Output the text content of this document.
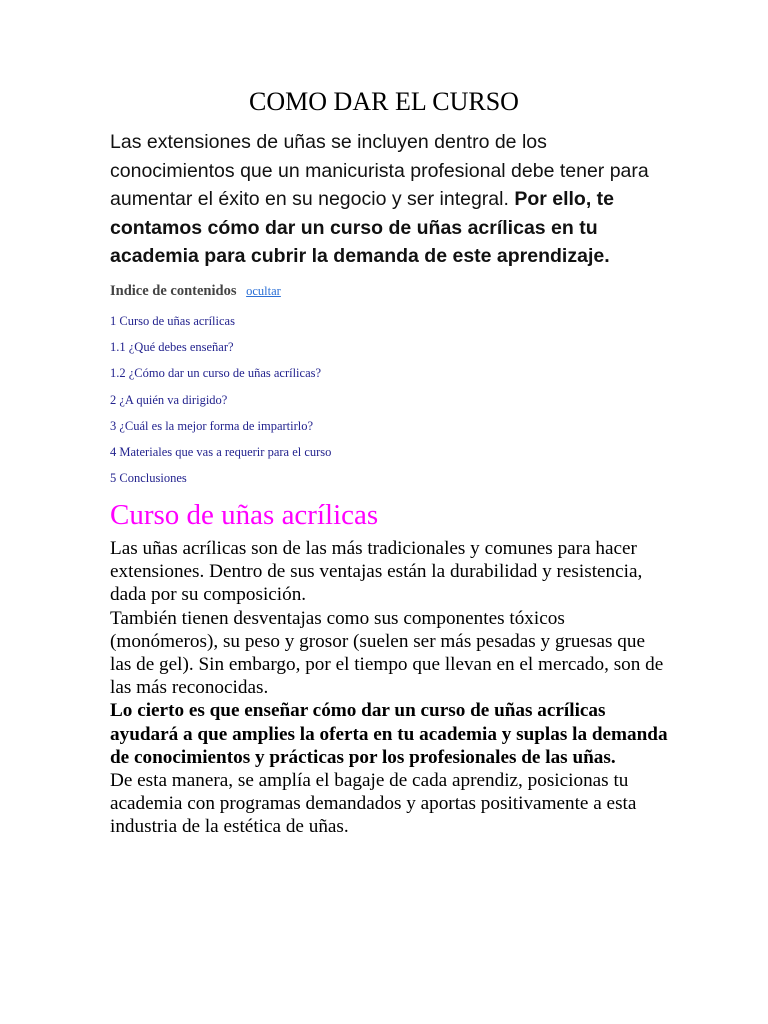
COMO DAR EL CURSO

Las extensiones de uñas se incluyen dentro de los conocimientos que un manicurista profesional debe tener para aumentar el éxito en su negocio y ser integral. Por ello, te contamos cómo dar un curso de uñas acrílicas en tu academia para cubrir la demanda de este aprendizaje.

Indice de contenidos ocultar
1 Curso de uñas acrílicas
1.1 ¿Qué debes enseñar?
1.2 ¿Cómo dar un curso de uñas acrílicas?
2 ¿A quién va dirigido?
3 ¿Cuál es la mejor forma de impartirlo?
4 Materiales que vas a requerir para el curso
5 Conclusiones
Curso de uñas acrílicas

Las uñas acrílicas son de las más tradicionales y comunes para hacer extensiones. Dentro de sus ventajas están la durabilidad y resistencia, dada por su composición.

También tienen desventajas como sus componentes tóxicos (monómeros), su peso y grosor (suelen ser más pesadas y gruesas que las de gel). Sin embargo, por el tiempo que llevan en el mercado, son de las más reconocidas.

Lo cierto es que enseñar cómo dar un curso de uñas acrílicas ayudará a que amplies la oferta en tu academia y suplas la demanda de conocimientos y prácticas por los profesionales de las uñas.

De esta manera, se amplía el bagaje de cada aprendiz, posicionas tu academia con programas demandados y aportas positivamente a esta industria de la estética de uñas.
